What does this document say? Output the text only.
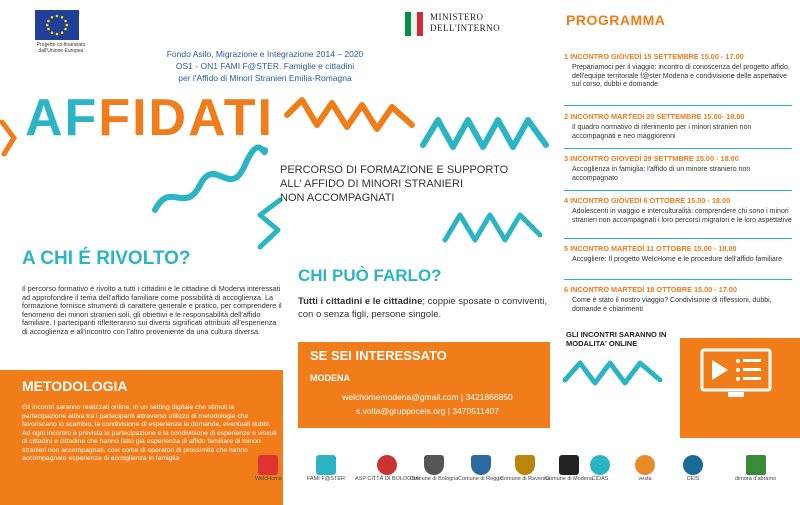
Progetto co-finanziato dall'Unione Europea
MINISTERO
DELL'INTERNO
Fondo Asilo, Migrazione e Integrazione 2014 – 2020
OS1 - ON1 FAMI F@STER. Famiglie e cittadini
per l'Affido di Minori Stranieri Emilia-Romagna
AFFIDATI
PERCORSO DI FORMAZIONE E SUPPORTO
ALL' AFFIDO DI MINORI STRANIERI
NON ACCOMPAGNATI
A CHI É RIVOLTO?
Il percorso formativo è rivolto a tutti i cittadini e le cittadine di Modena interessati ad approfondire il tema dell'affido familiare come possibilità di accoglienza. La formazione fornisce strumenti di carattere generale e pratico, per comprendere il fenomeno dei minori stranieri soli, gli obiettivi e le responsabilità dell'affido familiare. I partecipanti rifletteranno sui diversi significati attribuiti all'esperienza di accoglienza e all'incontro con l'altro proveniente da una cultura diversa.
METODOLOGIA
Gli incontri saranno realizzati online, in un setting digitale che stimoli la partecipazione attiva tra i partecipanti attraverso utilizzo di metodologie che favoriscano lo scambio, la condivisione di esperienze le domande, eventuali dubbi. Ad ogni incontro è prevista la partecipazione e la condivisione di esperienze e vissuti di cittadini e cittadine che hanno fatto già esperienza di affido familiare di minori stranieri non accompagnati, così come di operatori di prossimità che hanno accompagnato esperienze di accoglienza in famiglia
CHI PUÒ FARLO?
Tutti i cittadini e le cittadine; coppie sposate o conviventi, con o senza figli, persone singole.
SE SEI INTERESSATO
MODENA
welchomemodena@gmail.com | 3421866850
s.volta@gruppoceis.org | 3470511407
WelcHome	FAMI F@STER ASP CITTÀ DI BOLOGNA
Comune di Bologna Comune di Reggio
Comune di Ravenna
Comune di Modena
CIDAS	vesta	CEIS	dimora d'abramo
PROGRAMMA
1 INCONTRO GIOVEDÍ 15 SETTEMBRE 15.00 - 17.00
Prepariamoci per il viaggio: incontro di conoscenza del progetto affido, dell'equipe territoriale f@ster Modena e condivisione delle aspettative sul corso, dubbi e domande
2 INCONTRO MARTEDÍ 20 SETTEMBRE 15.00- 18.00
Il quadro normativo di riferimento per i minori stranieri non accompagnati e neo maggiorenni
3 INCONTRO GIOVEDÍ 29 SETTMBRE 15.00 - 18.00
Accoglienza in famiglia: l'affido di un minore straniero non accompagnato
4 INCONTRO GIOVEDÍ 6 OTTOBRE 15.00 - 18.00
Adolescenti in viaggio e interculturalità: comprendere chi sono i minori stranieri non accompagnati i loro percorsi migratori e le loro aspettative
5 INCONTRO MARTEDÍ 11 OTTOBRE 15.00 - 18.00
Accogliere: Il progetto WelcHome e le procedure dell'affido familiare
6 INCONTRO MARTEDÍ 18 OTTOBRE 15.00 - 17.00
Come è stato il nostro viaggio? Condivisione di riflessioni, dubbi, domande e chiarimenti
GLI INCONTRI SARANNO IN MODALITA' ONLINE
